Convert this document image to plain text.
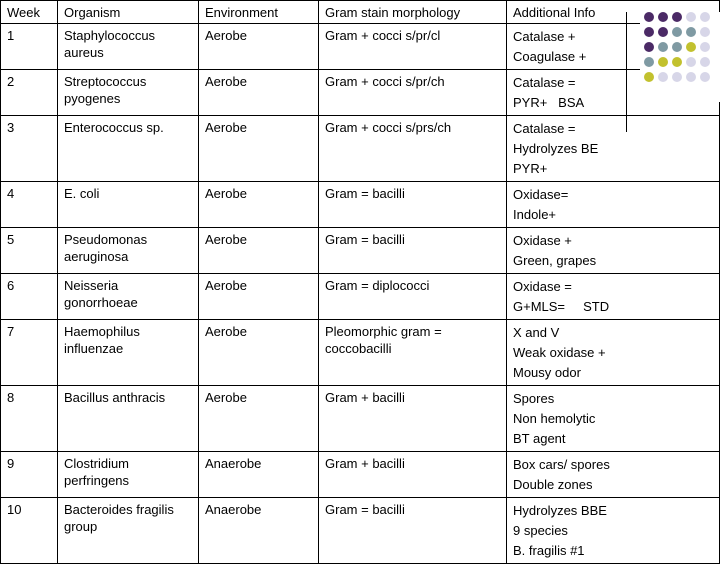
Week	Organism	Environment	Gram stain morphology	Additional Info
1	Staphylococcus aureus	Aerobe	Gram + cocci s/pr/cl	Catalase +
Coagulase +

2	Streptococcus pyogenes	Aerobe	Gram + cocci s/pr/ch	Catalase =
PYR+   BSA

3	Enterococcus sp.	Aerobe	Gram + cocci s/prs/ch	Catalase =
Hydrolyzes BE
PYR+

4	E. coli	Aerobe	Gram = bacilli	Oxidase=
Indole+

5	Pseudomonas aeruginosa	Aerobe	Gram = bacilli	Oxidase +
Green, grapes

6	Neisseria gonorrhoeae	Aerobe	Gram = diplococci	Oxidase =
G+MLS=     STD

7	Haemophilus influenzae	Aerobe	Pleomorphic gram = coccobacilli	X and V
Weak oxidase +
Mousy odor

8	Bacillus anthracis	Aerobe	Gram + bacilli	Spores
Non hemolytic
BT agent

9	Clostridium perfringens	Anaerobe	Gram + bacilli	Box cars/ spores
Double zones

10	Bacteroides fragilis group	Anaerobe	Gram = bacilli	Hydrolyzes BBE
9 species
B. fragilis #1
